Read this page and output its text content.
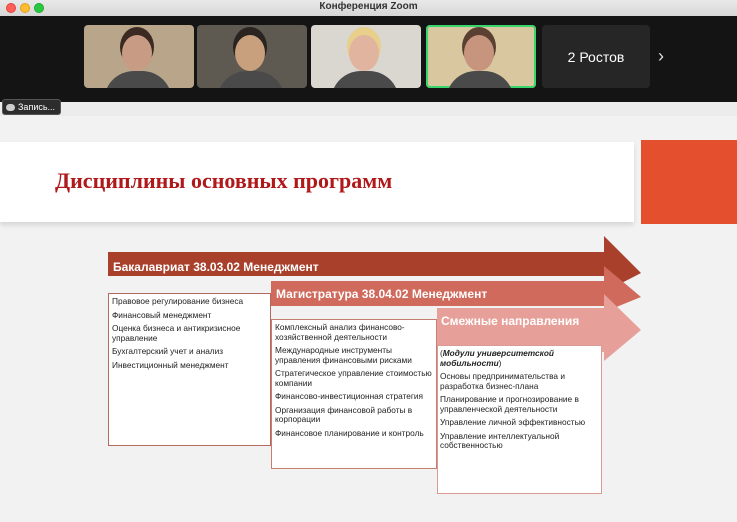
Конференция Zoom
2 Ростов	›
Запись...
Дисциплины основных программ
Бакалавриат 38.03.02 Менеджмент
Магистратура 38.04.02 Менеджмент
Смежные направления
Правовое регулирование бизнеса
Финансовый менеджмент
Оценка бизнеса и антикризисное управление
Бухгалтерский учет и анализ
Инвестиционный менеджмент
Комплексный анализ финансово-хозяйственной деятельности
Международные инструменты управления финансовыми рисками
Стратегическое управление стоимостью компании
Финансово-инвестиционная стратегия
Организация финансовой работы в корпорации
Финансовое планирование и контроль
(Модули университетской мобильности)
Основы предпринимательства и разработка бизнес-плана
Планирование и прогнозирование в управленческой деятельности
Управление личной эффективностью
Управление интеллектуальной собственностью
